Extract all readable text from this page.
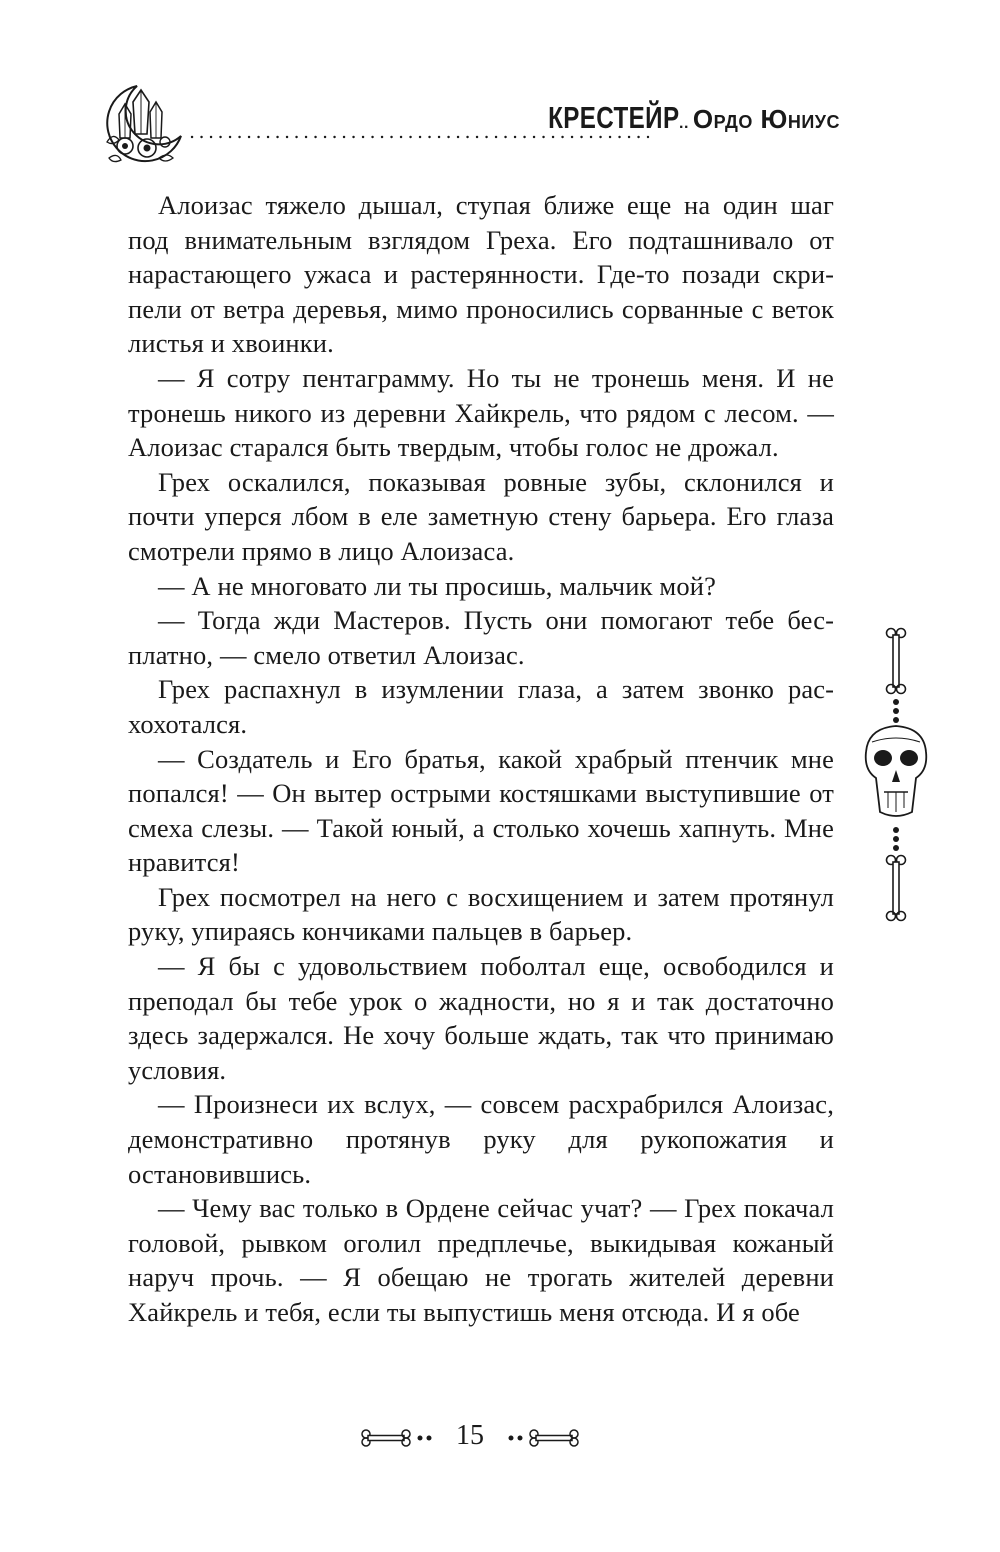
КРЕСТЕЙР.. Ордо Юниус

Алоизас тяжело дышал, ступая ближе еще на один шаг под внимательным взглядом Греха. Его подташнивало от нарастающего ужаса и растерянности. Где-то позади скрипели от ветра деревья, мимо проносились сорванные с веток листья и хвоинки.

— Я сотру пентаграмму. Но ты не тронешь меня. И не тронешь никого из деревни Хайкрель, что рядом с лесом. — Алоизас старался быть твердым, чтобы голос не дрожал.

Грех оскалился, показывая ровные зубы, склонился и почти уперся лбом в еле заметную стену барьера. Его глаза смотрели прямо в лицо Алоизаса.

— А не многовато ли ты просишь, мальчик мой?

— Тогда жди Мастеров. Пусть они помогают тебе бесплатно, — смело ответил Алоизас.

Грех распахнул в изумлении глаза, а затем звонко расхохотался.

— Создатель и Его братья, какой храбрый птенчик мне попался! — Он вытер острыми костяшками выступившие от смеха слезы. — Такой юный, а столько хочешь хапнуть. Мне нравится!

Грех посмотрел на него с восхищением и затем протянул руку, упираясь кончиками пальцев в барьер.

— Я бы с удовольствием поболтал еще, освободился и преподал бы тебе урок о жадности, но я и так достаточно здесь задержался. Не хочу больше ждать, так что принимаю условия.

— Произнеси их вслух, — совсем расхрабрился Алоизас, демонстративно протянув руку для рукопожатия и остановившись.

— Чему вас только в Ордене сейчас учат? — Грех покачал головой, рывком оголил предплечье, выкидывая кожаный наруч прочь. — Я обещаю не трогать жителей деревни Хайкрель и тебя, если ты выпустишь меня отсюда. И я обе

15
